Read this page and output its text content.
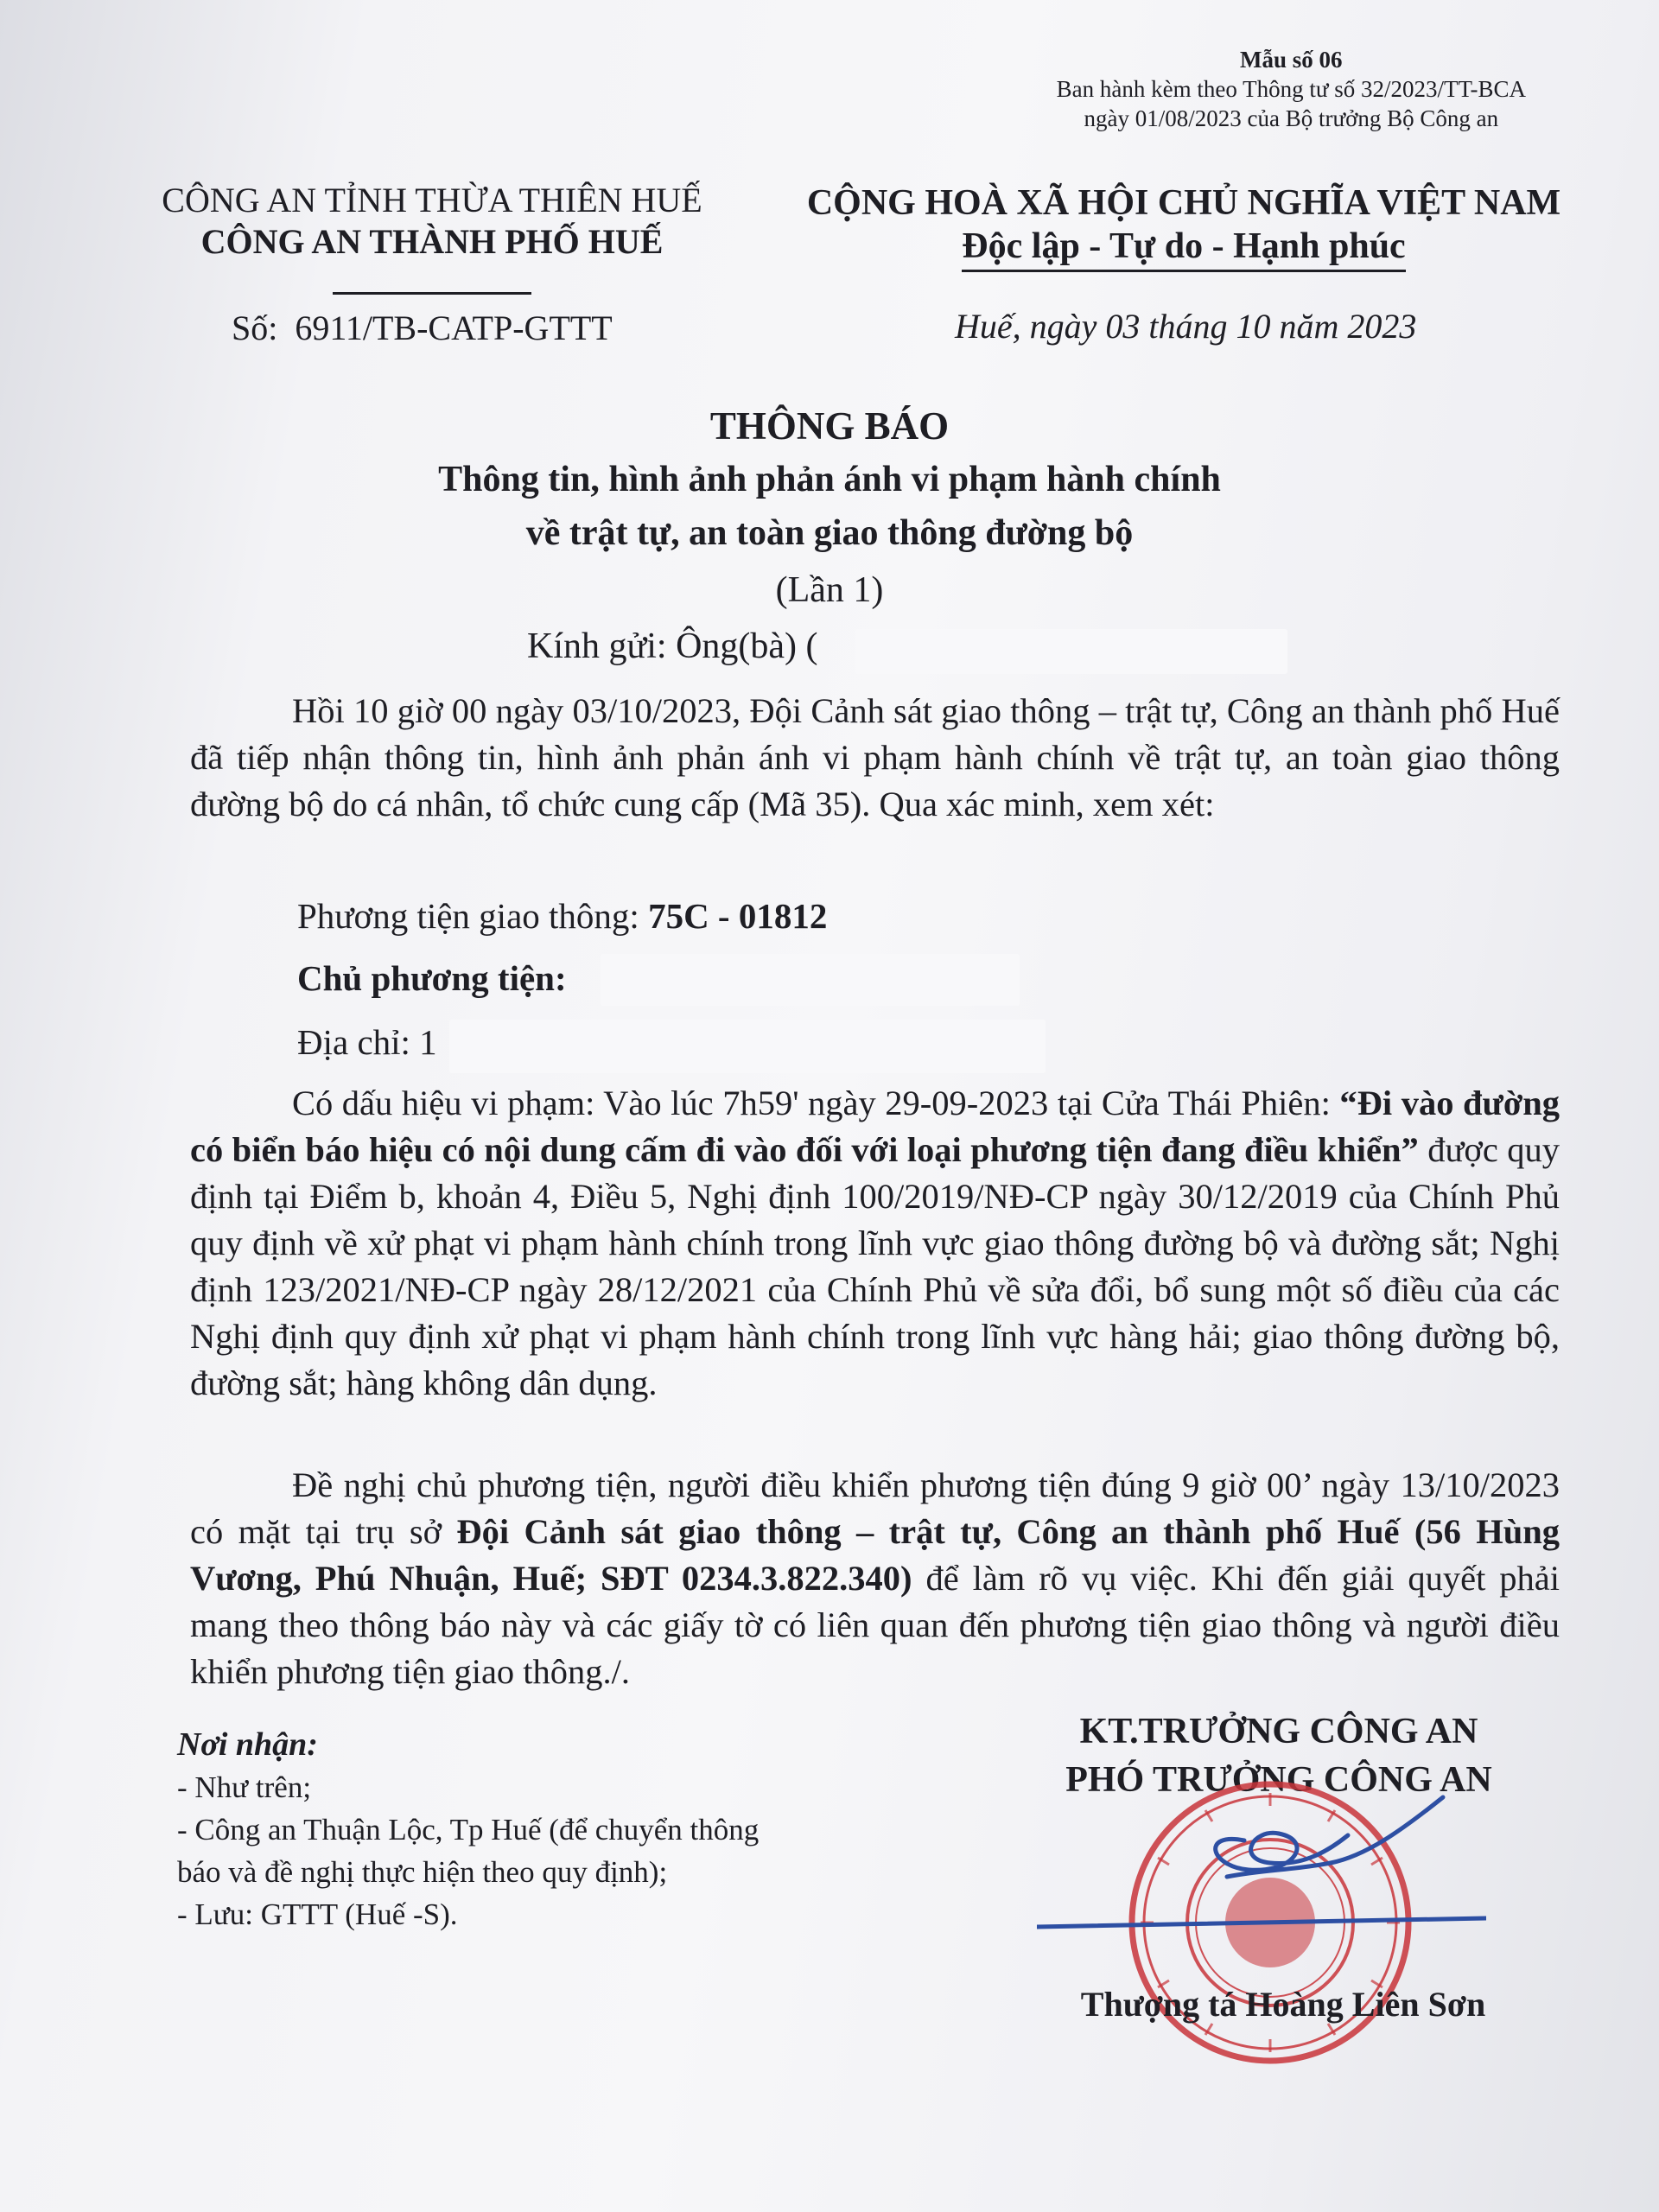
Mẫu số 06
Ban hành kèm theo Thông tư số 32/2023/TT-BCA
ngày 01/08/2023 của Bộ trưởng Bộ Công an
CÔNG AN TỈNH THỪA THIÊN HUẾ
CÔNG AN THÀNH PHỐ HUẾ
CỘNG HOÀ XÃ HỘI CHỦ NGHĨA VIỆT NAM
Độc lập - Tự do - Hạnh phúc
Số: 6911/TB-CATP-GTTT	Huế, ngày 03 tháng 10 năm 2023
THÔNG BÁO
Thông tin, hình ảnh phản ánh vi phạm hành chính
về trật tự, an toàn giao thông đường bộ
(Lần 1)
Kính gửi: Ông(bà) (
Hồi 10 giờ 00 ngày 03/10/2023, Đội Cảnh sát giao thông – trật tự, Công an thành phố Huế đã tiếp nhận thông tin, hình ảnh phản ánh vi phạm hành chính về trật tự, an toàn giao thông đường bộ do cá nhân, tổ chức cung cấp (Mã 35). Qua xác minh, xem xét:
Phương tiện giao thông: 75C - 01812
Chủ phương tiện:
Địa chỉ: 1
Có dấu hiệu vi phạm: Vào lúc 7h59' ngày 29-09-2023 tại Cửa Thái Phiên: “Đi vào đường có biển báo hiệu có nội dung cấm đi vào đối với loại phương tiện đang điều khiển” được quy định tại Điểm b, khoản 4, Điều 5, Nghị định 100/2019/NĐ-CP ngày 30/12/2019 của Chính Phủ quy định về xử phạt vi phạm hành chính trong lĩnh vực giao thông đường bộ và đường sắt; Nghị định 123/2021/NĐ-CP ngày 28/12/2021 của Chính Phủ về sửa đổi, bổ sung một số điều của các Nghị định quy định xử phạt vi phạm hành chính trong lĩnh vực hàng hải; giao thông đường bộ, đường sắt; hàng không dân dụng.
Đề nghị chủ phương tiện, người điều khiển phương tiện đúng 9 giờ 00’ ngày 13/10/2023 có mặt tại trụ sở Đội Cảnh sát giao thông – trật tự, Công an thành phố Huế (56 Hùng Vương, Phú Nhuận, Huế; SĐT 0234.3.822.340) để làm rõ vụ việc. Khi đến giải quyết phải mang theo thông báo này và các giấy tờ có liên quan đến phương tiện giao thông và người điều khiển phương tiện giao thông./.
Nơi nhận:
- Như trên;
- Công an Thuận Lộc, Tp Huế (để chuyển thông
báo và đề nghị thực hiện theo quy định);
- Lưu: GTTT (Huế -S).
KT.TRƯỞNG CÔNG AN
PHÓ TRƯỞNG CÔNG AN
Thượng tá Hoàng Liên Sơn
